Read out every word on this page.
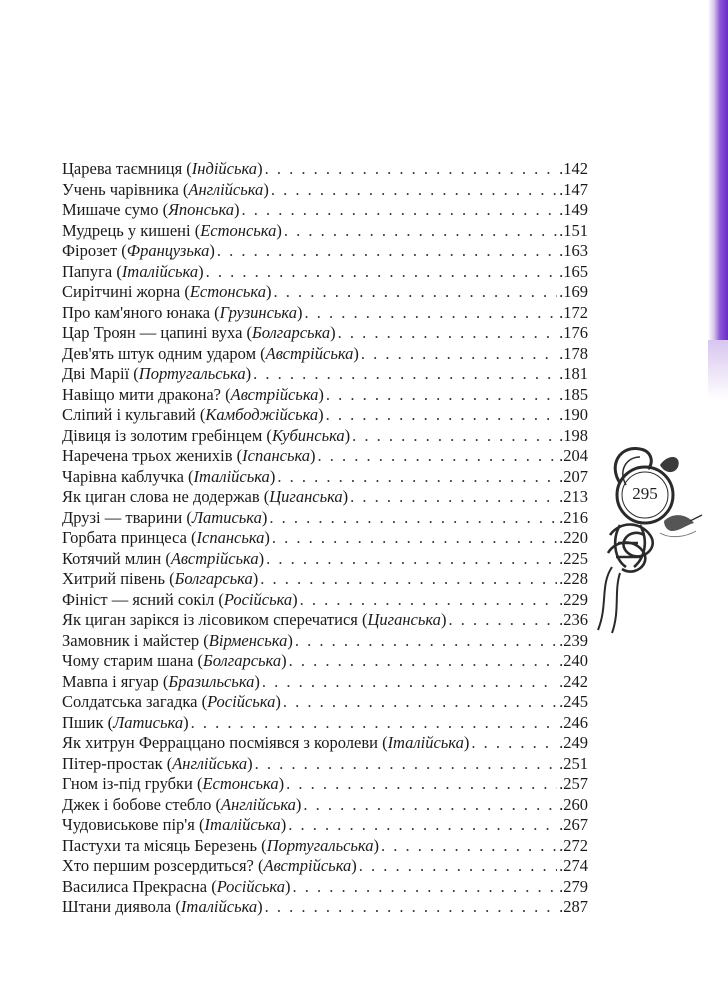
Царева таємниця (Індійська) . . .	.142
Учень чарівника (Англійська) . . .	.147
Мишаче сумо (Японська) . . .	.149
Мудрець у кишені (Естонська) . . .	.151
Фірозет (Французька) . . .	.163
Папуга (Італійська) . . .	.165
Сирітчині жорна (Естонська) . . .	.169
Про кам'яного юнака (Грузинська) . . .	.172
Цар Троян — цапині вуха (Болгарська) . . .	.176
Дев'ять штук одним ударом (Австрійська) . . .	.178
Дві Марії (Португальська) . . .	.181
Навіщо мити дракона? (Австрійська) . . .	.185
Сліпий і кульгавий (Камбоджійська) . . .	.190
Дівиця із золотим гребінцем (Кубинська) . . .	.198
Наречена трьох женихів (Іспанська) . . .	.204
Чарівна каблучка (Італійська) . . .	.207
Як циган слова не додержав (Циганська) . . .	.213
Друзі — тварини (Латиська) . . .	.216
Горбата принцеса (Іспанська) . . .	.220
Котячий млин (Австрійська) . . .	.225
Хитрий півень (Болгарська) . . .	.228
Фініст — ясний сокіл (Російська) . . .	.229
Як циган зарікся із лісовиком сперечатися (Циганська) . . .	.236
Замовник і майстер (Вірменська) . . .	.239
Чому старим шана (Болгарська) . . .	.240
Мавпа і ягуар (Бразильська) . . .	.242
Солдатська загадка (Російська) . . .	.245
Пшик (Латиська) . . .	.246
Як хитрун Ферраццано посміявся з королеви (Італійська) . . .	.249
Пітер-простак (Англійська) . . .	.251
Гном із-під грубки (Естонська) . . .	.257
Джек і бобове стебло (Англійська) . . .	.260
Чудовиськове пір'я (Італійська) . . .	.267
Пастухи та місяць Березень (Португальська) . . .	.272
Хто першим розсердиться? (Австрійська) . . .	.274
Василиса Прекрасна (Російська) . . .	.279
Штани диявола (Італійська) . . .	.287
295
